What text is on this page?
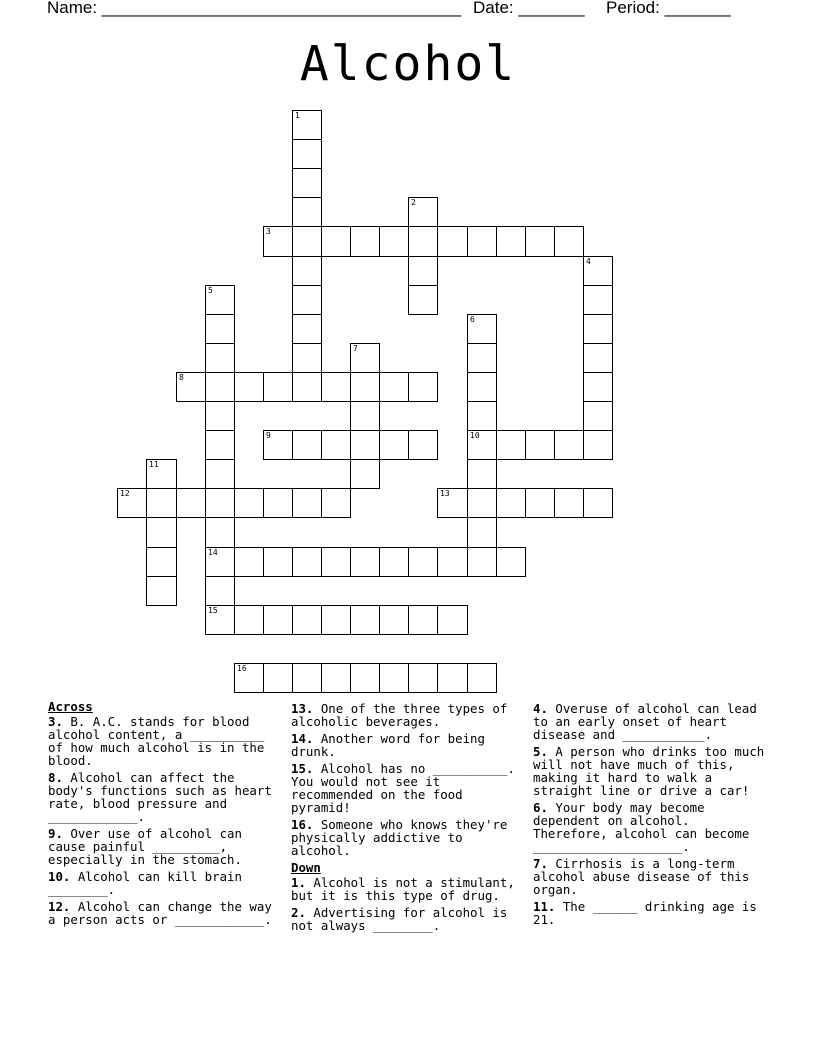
Name: ______________________________________ Date: _______ Period: _______
Alcohol
1
2
3
4
5
14
15
6
10
7
8
9
11
12	13
16
Across
3. B. A.C. stands for blood alcohol content, a __________ of how much alcohol is in the blood.
8. Alcohol can affect the body's functions such as heart rate, blood pressure and ____________.
9. Over use of alcohol can cause painful _________, especially in the stomach.
10. Alcohol can kill brain ________.
12. Alcohol can change the way a person acts or ____________.
13. One of the three types of alcoholic beverages.
14. Another word for being drunk.
15. Alcohol has no __________. You would not see it recommended on the food pyramid!
16. Someone who knows they're physically addictive to alcohol.
Down
1. Alcohol is not a stimulant, but it is this type of drug.
2. Advertising for alcohol is not always ________.
4. Overuse of alcohol can lead to an early onset of heart disease and ___________.
5. A person who drinks too much will not have much of this, making it hard to walk a straight line or drive a car!
6. Your body may become dependent on alcohol. Therefore, alcohol can become ____________________.
7. Cirrhosis is a long-term alcohol abuse disease of this organ.
11. The ______ drinking age is 21.
